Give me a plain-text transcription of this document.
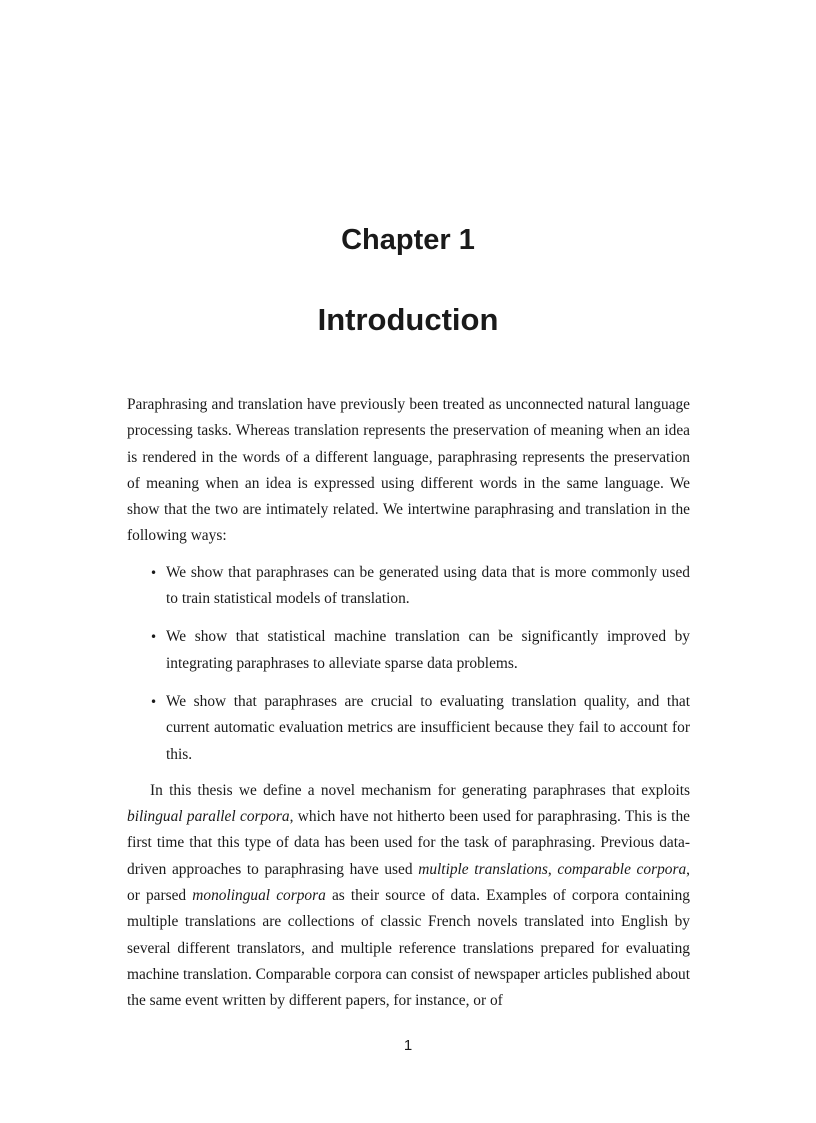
Chapter 1
Introduction

Paraphrasing and translation have previously been treated as unconnected natural language processing tasks. Whereas translation represents the preservation of meaning when an idea is rendered in the words of a different language, paraphrasing represents the preservation of meaning when an idea is expressed using different words in the same language. We show that the two are intimately related. We intertwine paraphrasing and translation in the following ways:

• We show that paraphrases can be generated using data that is more commonly used to train statistical models of translation.
• We show that statistical machine translation can be significantly improved by integrating paraphrases to alleviate sparse data problems.
• We show that paraphrases are crucial to evaluating translation quality, and that current automatic evaluation metrics are insufficient because they fail to account for this.

In this thesis we define a novel mechanism for generating paraphrases that exploits bilingual parallel corpora, which have not hitherto been used for paraphrasing. This is the first time that this type of data has been used for the task of paraphrasing. Previous data-driven approaches to paraphrasing have used multiple translations, comparable corpora, or parsed monolingual corpora as their source of data. Examples of corpora containing multiple translations are collections of classic French novels translated into English by several different translators, and multiple reference translations prepared for evaluating machine translation. Comparable corpora can consist of newspaper articles published about the same event written by different papers, for instance, or of

1
